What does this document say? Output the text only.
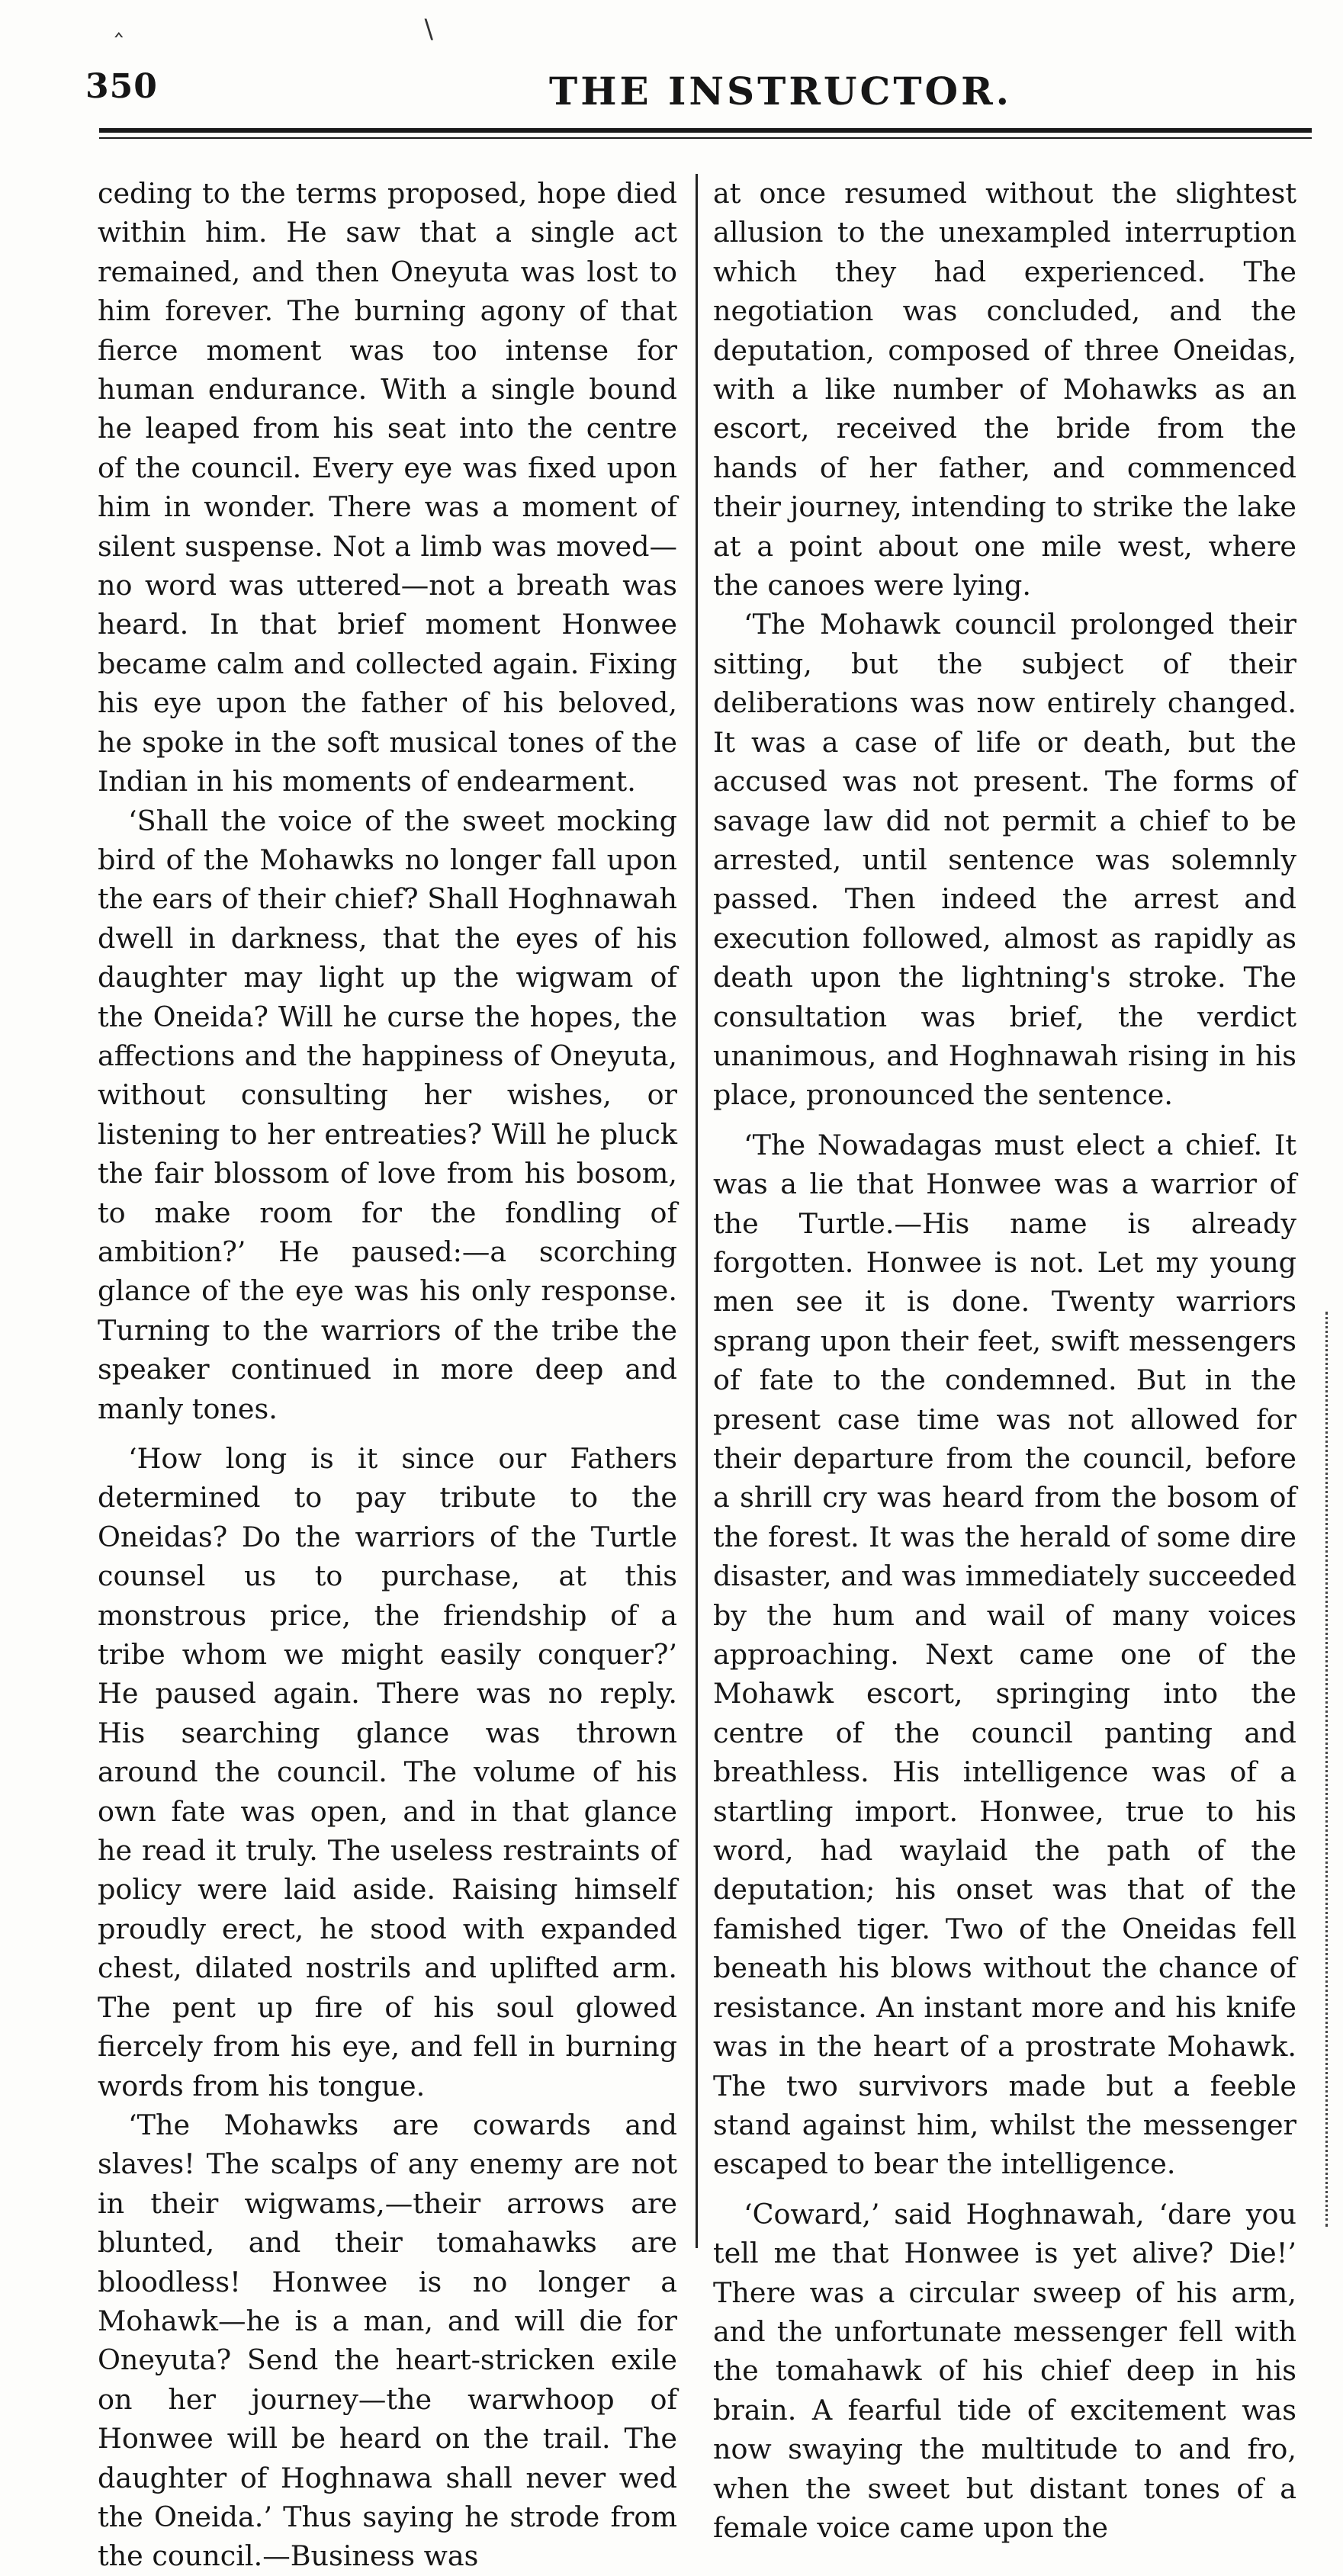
350	THE INSTRUCTOR.

ceding to the terms proposed, hope died within him. He saw that a single act remained, and then Oneyuta was lost to him forever. The burning agony of that fierce moment was too intense for human endurance. With a single bound he leaped from his seat into the centre of the council. Every eye was fixed upon him in wonder. There was a moment of silent suspense. Not a limb was moved—no word was uttered—not a breath was heard. In that brief moment Honwee became calm and collected again. Fixing his eye upon the father of his beloved, he spoke in the soft musical tones of the Indian in his moments of endearment.

‘Shall the voice of the sweet mocking bird of the Mohawks no longer fall upon the ears of their chief? Shall Hoghnawah dwell in darkness, that the eyes of his daughter may light up the wigwam of the Oneida? Will he curse the hopes, the affections and the happiness of Oneyuta, without consulting her wishes, or listening to her entreaties? Will he pluck the fair blossom of love from his bosom, to make room for the fondling of ambition?’ He paused:—a scorching glance of the eye was his only response. Turning to the warriors of the tribe the speaker continued in more deep and manly tones.

‘How long is it since our Fathers determined to pay tribute to the Oneidas? Do the warriors of the Turtle counsel us to purchase, at this monstrous price, the friendship of a tribe whom we might easily conquer?’ He paused again. There was no reply. His searching glance was thrown around the council. The volume of his own fate was open, and in that glance he read it truly. The useless restraints of policy were laid aside. Raising himself proudly erect, he stood with expanded chest, dilated nostrils and uplifted arm. The pent up fire of his soul glowed fiercely from his eye, and fell in burning words from his tongue.

‘The Mohawks are cowards and slaves! The scalps of any enemy are not in their wigwams,—their arrows are blunted, and their tomahawks are bloodless! Honwee is no longer a Mohawk—he is a man, and will die for Oneyuta? Send the heart-stricken exile on her journey—the warwhoop of Honwee will be heard on the trail. The daughter of Hoghnawa shall never wed the Oneida.’ Thus saying he strode from the council.—Business was

at once resumed without the slightest allusion to the unexampled interruption which they had experienced. The negotiation was concluded, and the deputation, composed of three Oneidas, with a like number of Mohawks as an escort, received the bride from the hands of her father, and commenced their journey, intending to strike the lake at a point about one mile west, where the canoes were lying.

‘The Mohawk council prolonged their sitting, but the subject of their deliberations was now entirely changed. It was a case of life or death, but the accused was not present. The forms of savage law did not permit a chief to be arrested, until sentence was solemnly passed. Then indeed the arrest and execution followed, almost as rapidly as death upon the lightning's stroke. The consultation was brief, the verdict unanimous, and Hoghnawah rising in his place, pronounced the sentence.

‘The Nowadagas must elect a chief. It was a lie that Honwee was a warrior of the Turtle.—His name is already forgotten. Honwee is not. Let my young men see it is done. Twenty warriors sprang upon their feet, swift messengers of fate to the condemned. But in the present case time was not allowed for their departure from the council, before a shrill cry was heard from the bosom of the forest. It was the herald of some dire disaster, and was immediately succeeded by the hum and wail of many voices approaching. Next came one of the Mohawk escort, springing into the centre of the council panting and breathless. His intelligence was of a startling import. Honwee, true to his word, had waylaid the path of the deputation; his onset was that of the famished tiger. Two of the Oneidas fell beneath his blows without the chance of resistance. An instant more and his knife was in the heart of a prostrate Mohawk. The two survivors made but a feeble stand against him, whilst the messenger escaped to bear the intelligence.

‘Coward,’ said Hoghnawah, ‘dare you tell me that Honwee is yet alive? Die!’ There was a circular sweep of his arm, and the unfortunate messenger fell with the tomahawk of his chief deep in his brain. A fearful tide of excitement was now swaying the multitude to and fro, when the sweet but distant tones of a female voice came upon the

‸	∖
